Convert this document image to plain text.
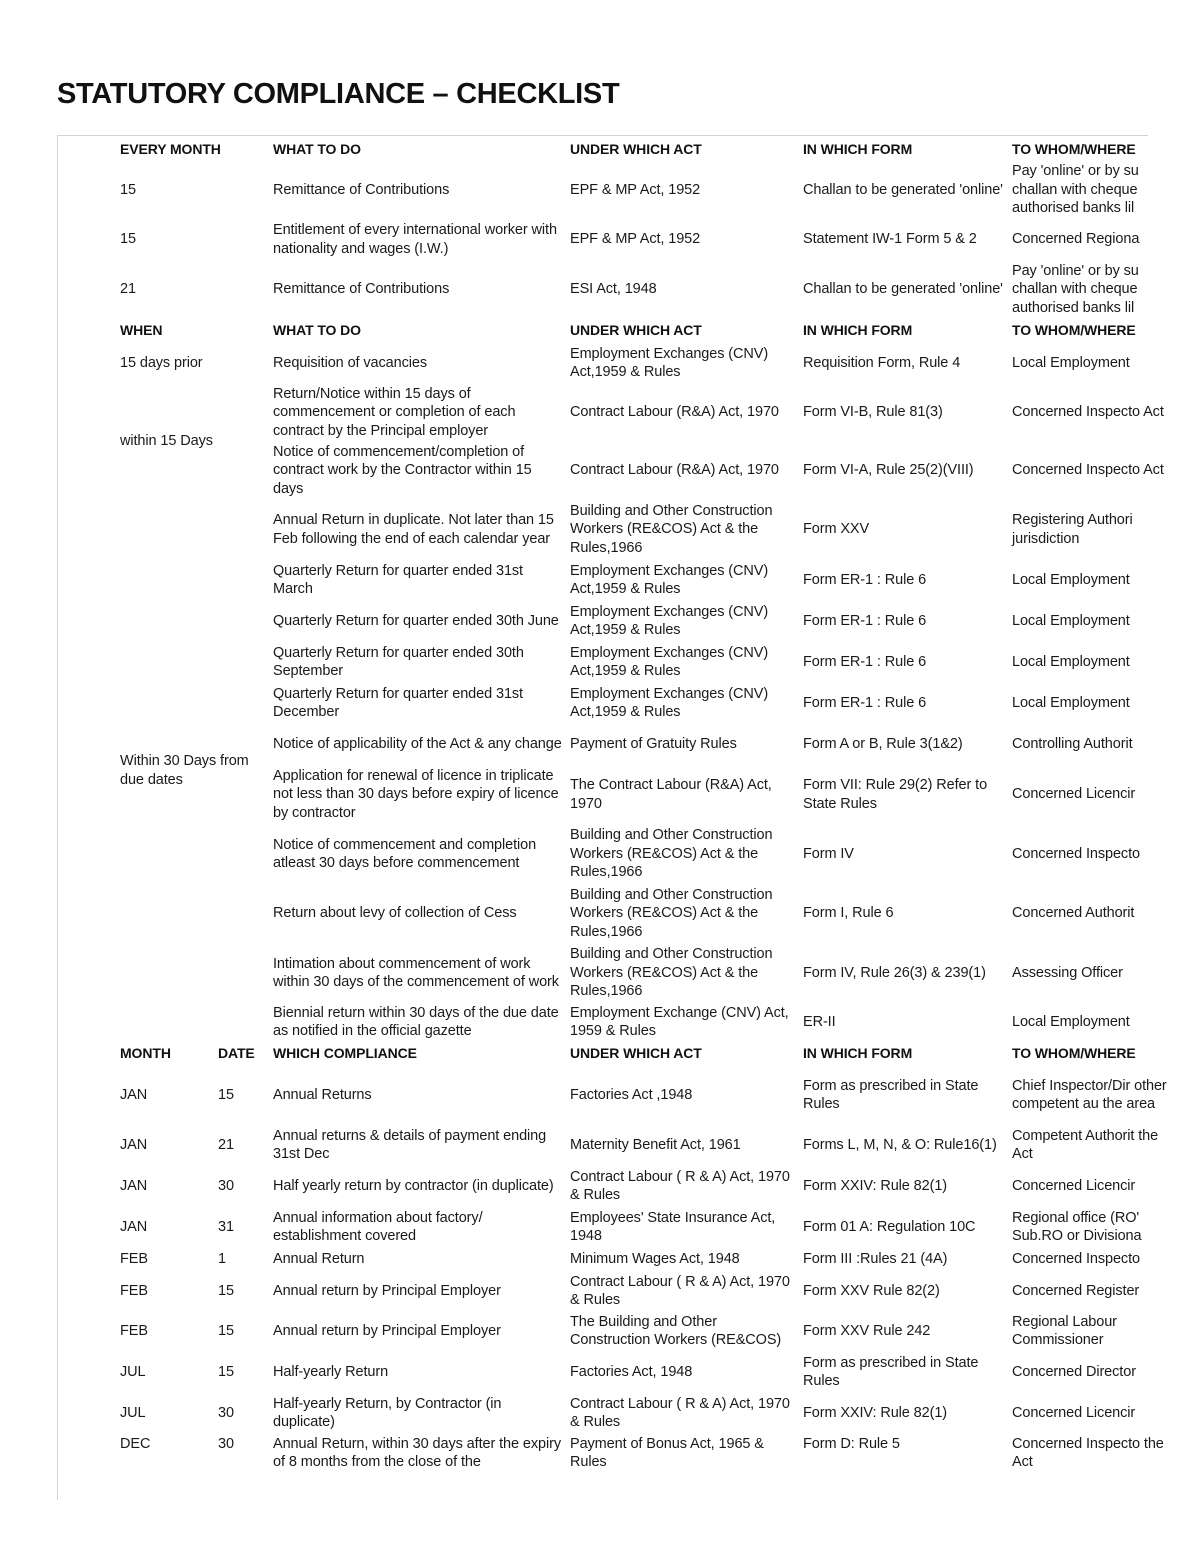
STATUTORY COMPLIANCE – CHECKLIST
EVERY MONTH		WHAT TO DO	UNDER WHICH ACT	IN WHICH FORM	TO WHOM/WHERE
15		Remittance of Contributions	EPF & MP Act, 1952	Challan to be generated 'online'	Pay 'online' or by su challan with cheque authorised banks lil
15		Entitlement of every international worker with nationality and wages (I.W.)	EPF & MP Act, 1952	Statement IW-1 Form 5 & 2	Concerned Regiona
21		Remittance of Contributions	ESI Act, 1948	Challan to be generated 'online'	Pay 'online' or by su challan with cheque authorised banks lil
WHEN		WHAT TO DO	UNDER WHICH ACT	IN WHICH FORM	TO WHOM/WHERE
15 days prior		Requisition of vacancies	Employment Exchanges (CNV) Act,1959 & Rules	Requisition Form, Rule 4	Local Employment
within 15 Days		Return/Notice within 15 days of commencement or completion of each contract by the Principal employer	Contract Labour (R&A) Act, 1970	Form VI-B, Rule 81(3)	Concerned Inspecto Act
		Notice of commencement/completion of contract work by the Contractor within 15 days	Contract Labour (R&A) Act, 1970	Form VI-A, Rule 25(2)(VIII)	Concerned Inspecto Act
Within 30 Days from due dates		Annual Return in duplicate. Not later than 15 Feb following the end of each calendar year	Building and Other Construction Workers (RE&COS) Act & the Rules,1966	Form XXV	Registering Authori jurisdiction
		Quarterly Return for quarter ended 31st March	Employment Exchanges (CNV) Act,1959 & Rules	Form ER-1 : Rule 6	Local Employment
		Quarterly Return for quarter ended 30th June	Employment Exchanges (CNV) Act,1959 & Rules	Form ER-1 : Rule 6	Local Employment
		Quarterly Return for quarter ended 30th September	Employment Exchanges (CNV) Act,1959 & Rules	Form ER-1 : Rule 6	Local Employment
		Quarterly Return for quarter ended 31st December	Employment Exchanges (CNV) Act,1959 & Rules	Form ER-1 : Rule 6	Local Employment
		Notice of applicability of the Act & any change	Payment of Gratuity Rules	Form A or B, Rule 3(1&2)	Controlling Authorit
		Application for renewal of licence in triplicate not less than 30 days before expiry of licence by contractor	The Contract Labour (R&A) Act, 1970	Form VII: Rule 29(2) Refer to State Rules	Concerned Licencir
		Notice of commencement and completion atleast 30 days before commencement	Building and Other Construction Workers (RE&COS) Act & the Rules,1966	Form IV	Concerned Inspecto
		Return about levy of collection of Cess	Building and Other Construction Workers (RE&COS) Act & the Rules,1966	Form I, Rule 6	Concerned Authorit
		Intimation about commencement of work within 30 days of the commencement of work	Building and Other Construction Workers (RE&COS) Act & the Rules,1966	Form IV, Rule 26(3) & 239(1)	Assessing Officer
		Biennial return within 30 days of the due date as notified in the official gazette	Employment Exchange (CNV) Act, 1959 & Rules	ER-II	Local Employment
MONTH	DATE	WHICH COMPLIANCE	UNDER WHICH ACT	IN WHICH FORM	TO WHOM/WHERE
JAN	15	Annual Returns	Factories Act ,1948	Form as prescribed in State Rules	Chief Inspector/Dir other competent au the area
JAN	21	Annual returns & details of payment ending 31st Dec	Maternity Benefit Act, 1961	Forms L, M, N, & O: Rule16(1)	Competent Authorit the Act
JAN	30	Half yearly return by contractor (in duplicate)	Contract Labour ( R & A) Act, 1970 & Rules	Form XXIV: Rule 82(1)	Concerned Licencir
JAN	31	Annual information about factory/ establishment covered	Employees' State Insurance Act, 1948	Form 01 A: Regulation 10C	Regional office (RO' Sub.RO or Divisiona
FEB	1	Annual Return	Minimum Wages Act, 1948	Form III :Rules 21 (4A)	Concerned Inspecto
FEB	15	Annual return by Principal Employer	Contract Labour ( R & A) Act, 1970 & Rules	Form XXV Rule 82(2)	Concerned Register
FEB	15	Annual return by Principal Employer	The Building and Other Construction Workers (RE&COS)	Form XXV Rule 242	Regional Labour Commissioner
JUL	15	Half-yearly Return	Factories Act, 1948	Form as prescribed in State Rules	Concerned Director
JUL	30	Half-yearly Return, by Contractor (in duplicate)	Contract Labour ( R & A) Act, 1970 & Rules	Form XXIV: Rule 82(1)	Concerned Licencir
DEC	30	Annual Return, within 30 days after the expiry of 8 months from the close of the	Payment of Bonus Act, 1965 & Rules	Form D: Rule 5	Concerned Inspecto the Act
